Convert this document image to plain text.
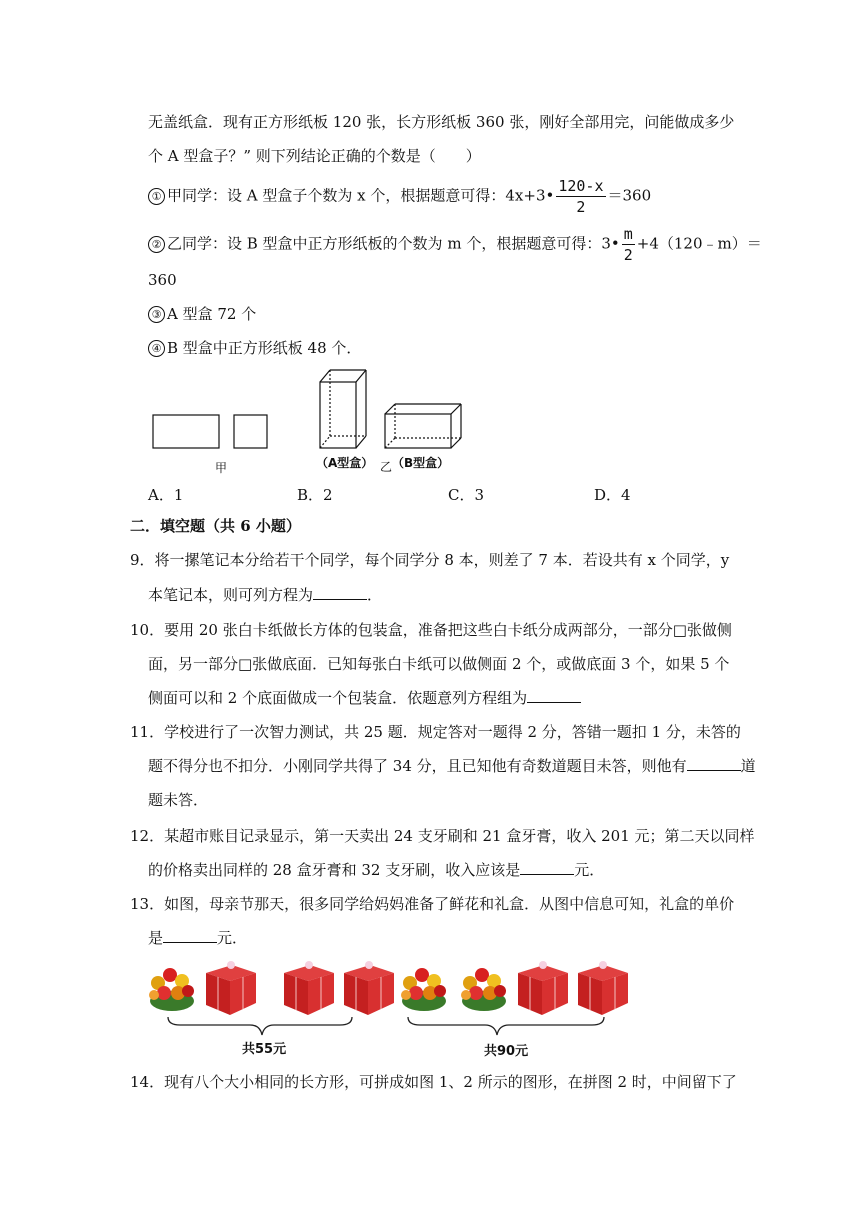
无盖纸盒．现有正方形纸板 120 张，长方形纸板 360 张，刚好全部用完，问能做成多少
个 A 型盒子？” 则下列结论正确的个数是（　　）
① 甲同学：设 A 型盒子个数为 x 个，根据题意可得：4x+3• $\frac{120-x}{2} =360$
② 乙同学：设 B 型盒中正方形纸板的个数为 m 个，根据题意可得：3• $\frac{m}{2}$ +4（120﹣m）＝
360
③ A 型盒 72 个
④ B 型盒中正方形纸板 48 个．
甲	（A型盒） 乙 （B型盒）
A．1	B．2	C．3	D．4
二．填空题（共 6 小题）
9．将一摞笔记本分给若干个同学，每个同学分 8 本，则差了 7 本．若设共有 x 个同学，y
本笔记本，则可列方程为	．
10．要用 20 张白卡纸做长方体的包装盒，准备把这些白卡纸分成两部分，一部分□张做侧
面，另一部分□张做底面．已知每张白卡纸可以做侧面 2 个，或做底面 3 个，如果 5 个
侧面可以和 2 个底面做成一个包装盒．依题意列方程组为
11．学校进行了一次智力测试，共 25 题．规定答对一题得 2 分，答错一题扣 1 分，未答的
题不得分也不扣分．小刚同学共得了 34 分，且已知他有奇数道题目未答，则他有	道
题未答．
12．某超市账目记录显示，第一天卖出 24 支牙刷和 21 盒牙膏，收入 201 元；第二天以同样
的价格卖出同样的 28 盒牙膏和 32 支牙刷，收入应该是	元．
13．如图，母亲节那天，很多同学给妈妈准备了鲜花和礼盒．从图中信息可知，礼盒的单价
是	元．
共55元	共90元
14．现有八个大小相同的长方形，可拼成如图 1、2 所示的图形，在拼图 2 时，中间留下了
